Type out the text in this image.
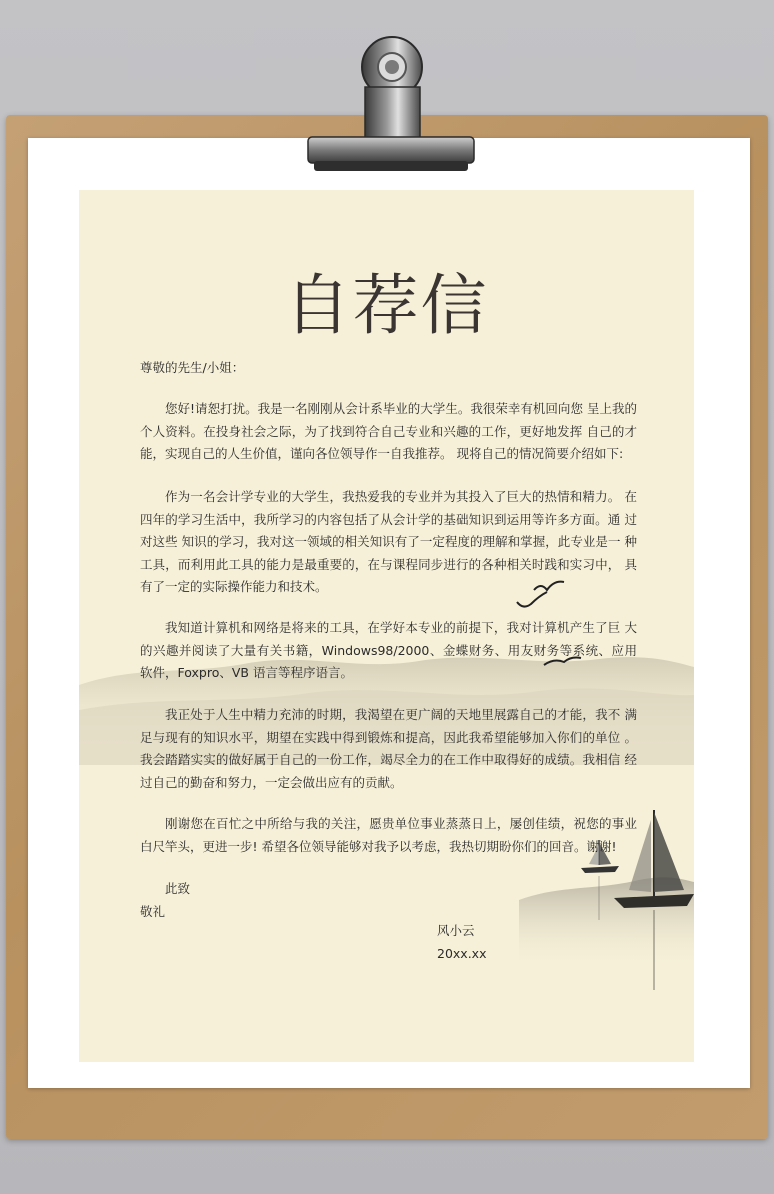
自荐信

尊敬的先生/小姐：

您好!请恕打扰。我是一名刚刚从会计系毕业的大学生。我很荣幸有机回向您 呈上我的个人资料。在投身社会之际，为了找到符合自己专业和兴趣的工作，更好地发挥 自己的才能，实现自己的人生价值，谨向各位领导作一自我推荐。 现将自己的情况简要介绍如下:

作为一名会计学专业的大学生，我热爱我的专业并为其投入了巨大的热情和精力。 在四年的学习生活中，我所学习的内容包括了从会计学的基础知识到运用等许多方面。通 过对这些 知识的学习，我对这一领域的相关知识有了一定程度的理解和掌握，此专业是一 种工具，而利用此工具的能力是最重要的，在与课程同步进行的各种相关时践和实习中， 具有了一定的实际操作能力和技术。

我知道计算机和网络是将来的工具，在学好本专业的前提下，我对计算机产生了巨 大的兴趣并阅读了大量有关书籍，Windows98/2000、金蝶财务、用友财务等系统、应用 软件，Foxpro、VB 语言等程序语言。

我正处于人生中精力充沛的时期，我渴望在更广阔的天地里展露自己的才能，我不 满足与现有的知识水平，期望在实践中得到锻炼和提高，因此我希望能够加入你们的单位 。我会踏踏实实的做好属于自己的一份工作，竭尽全力的在工作中取得好的成绩。我相信 经过自己的勤奋和努力，一定会做出应有的贡献。

刚谢您在百忙之中所给与我的关注，愿贵单位事业蒸蒸日上，屡创佳绩，祝您的事业 白尺竿头，更进一步! 希望各位领导能够对我予以考虑，我热切期盼你们的回音。谢谢!

此致

敬礼

风小云

20xx.xx
